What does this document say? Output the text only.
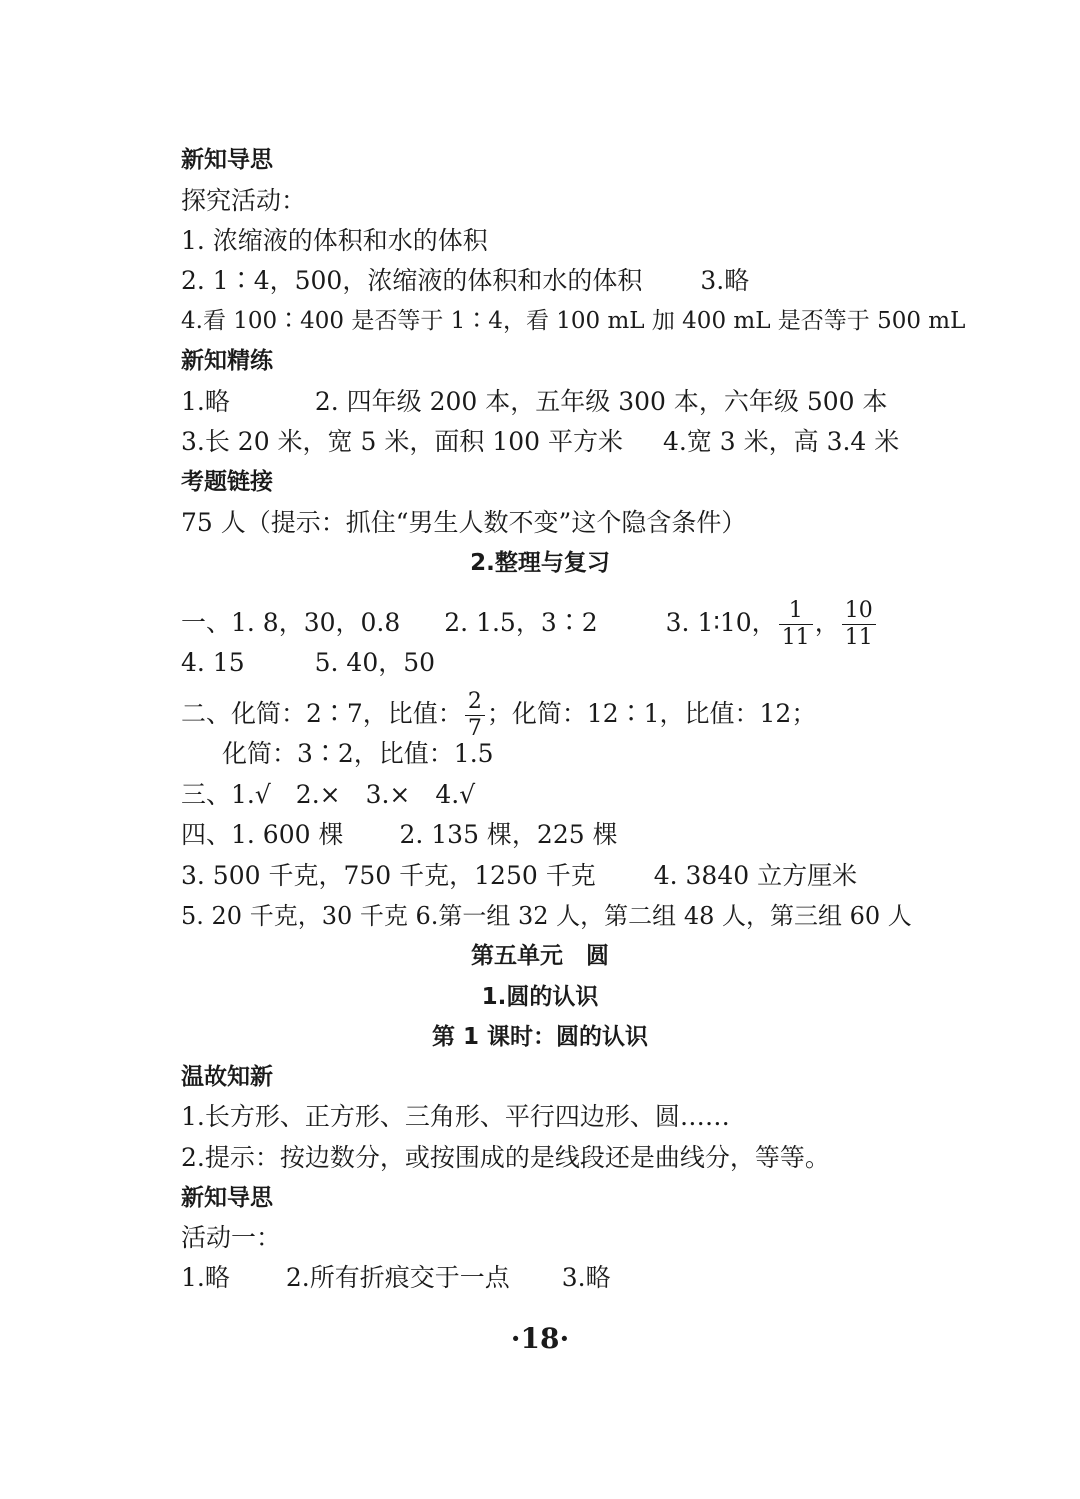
新知导思
探究活动：
1. 浓缩液的体积和水的体积
2. 1∶4，500，浓缩液的体积和水的体积 3.略
4.看 100∶400 是否等于 1∶4，看 100 mL 加 400 mL 是否等于 500 mL
新知精练
1.略	2. 四年级 200 本，五年级 300 本，六年级 500 本
3.长 20 米，宽 5 米，面积 100 平方米 4.宽 3 米，高 3.4 米
考题链接
75 人（提示：抓住“男生人数不变”这个隐含条件）
2.整理与复习
一、1. 8，30，0.8 2. 1.5，3∶2	3. 1∶10， $\frac{1}{11}$ ， $\frac{10}{11}$
4. 15	5. 40，50
二、化简：2∶7，比值： $\frac{2}{7}$ ；化简：12∶1，比值：12；
化简：3∶2，比值：1.5
三、1.√　2.×　3.×　4.√
四、1. 600 棵 2. 135 棵，225 棵
3. 500 千克，750 千克，1250 千克 4. 3840 立方厘米
5. 20 千克，30 千克 6.第一组 32 人，第二组 48 人，第三组 60 人
第五单元　圆
1.圆的认识
第 1 课时：圆的认识
温故知新
1.长方形、正方形、三角形、平行四边形、圆……
2.提示：按边数分，或按围成的是线段还是曲线分，等等。
新知导思
活动一：
1.略 2.所有折痕交于一点 3.略
·18·
